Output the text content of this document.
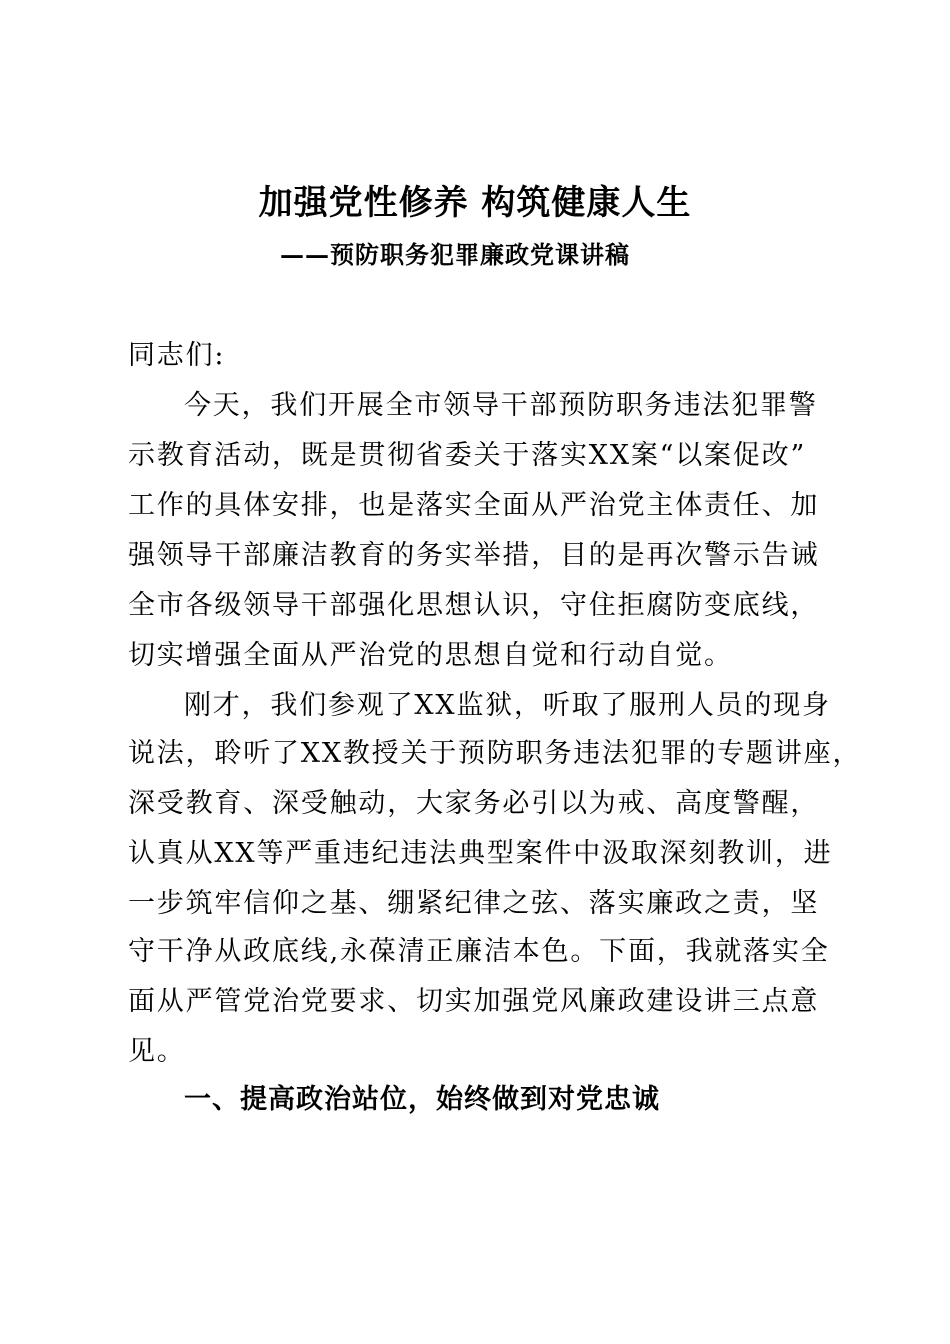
加强党性修养 构筑健康人生
——预防职务犯罪廉政党课讲稿
同志们:
今天，我们开展全市领导干部预防职务违法犯罪警
示教育活动，既是贯彻省委关于落实XX案“以案促改”
工作的具体安排，也是落实全面从严治党主体责任、加
强领导干部廉洁教育的务实举措，目的是再次警示告诫
全市各级领导干部强化思想认识，守住拒腐防变底线，
切实增强全面从严治党的思想自觉和行动自觉。
刚才，我们参观了XX监狱，听取了服刑人员的现身
说法，聆听了XX教授关于预防职务违法犯罪的专题讲座，
深受教育、深受触动，大家务必引以为戒、高度警醒，
认真从XX等严重违纪违法典型案件中汲取深刻教训，进
一步筑牢信仰之基、绷紧纪律之弦、落实廉政之责，坚
守干净从政底线,永葆清正廉洁本色。下面，我就落实全
面从严管党治党要求、切实加强党风廉政建设讲三点意
见。
一、提高政治站位，始终做到对党忠诚
